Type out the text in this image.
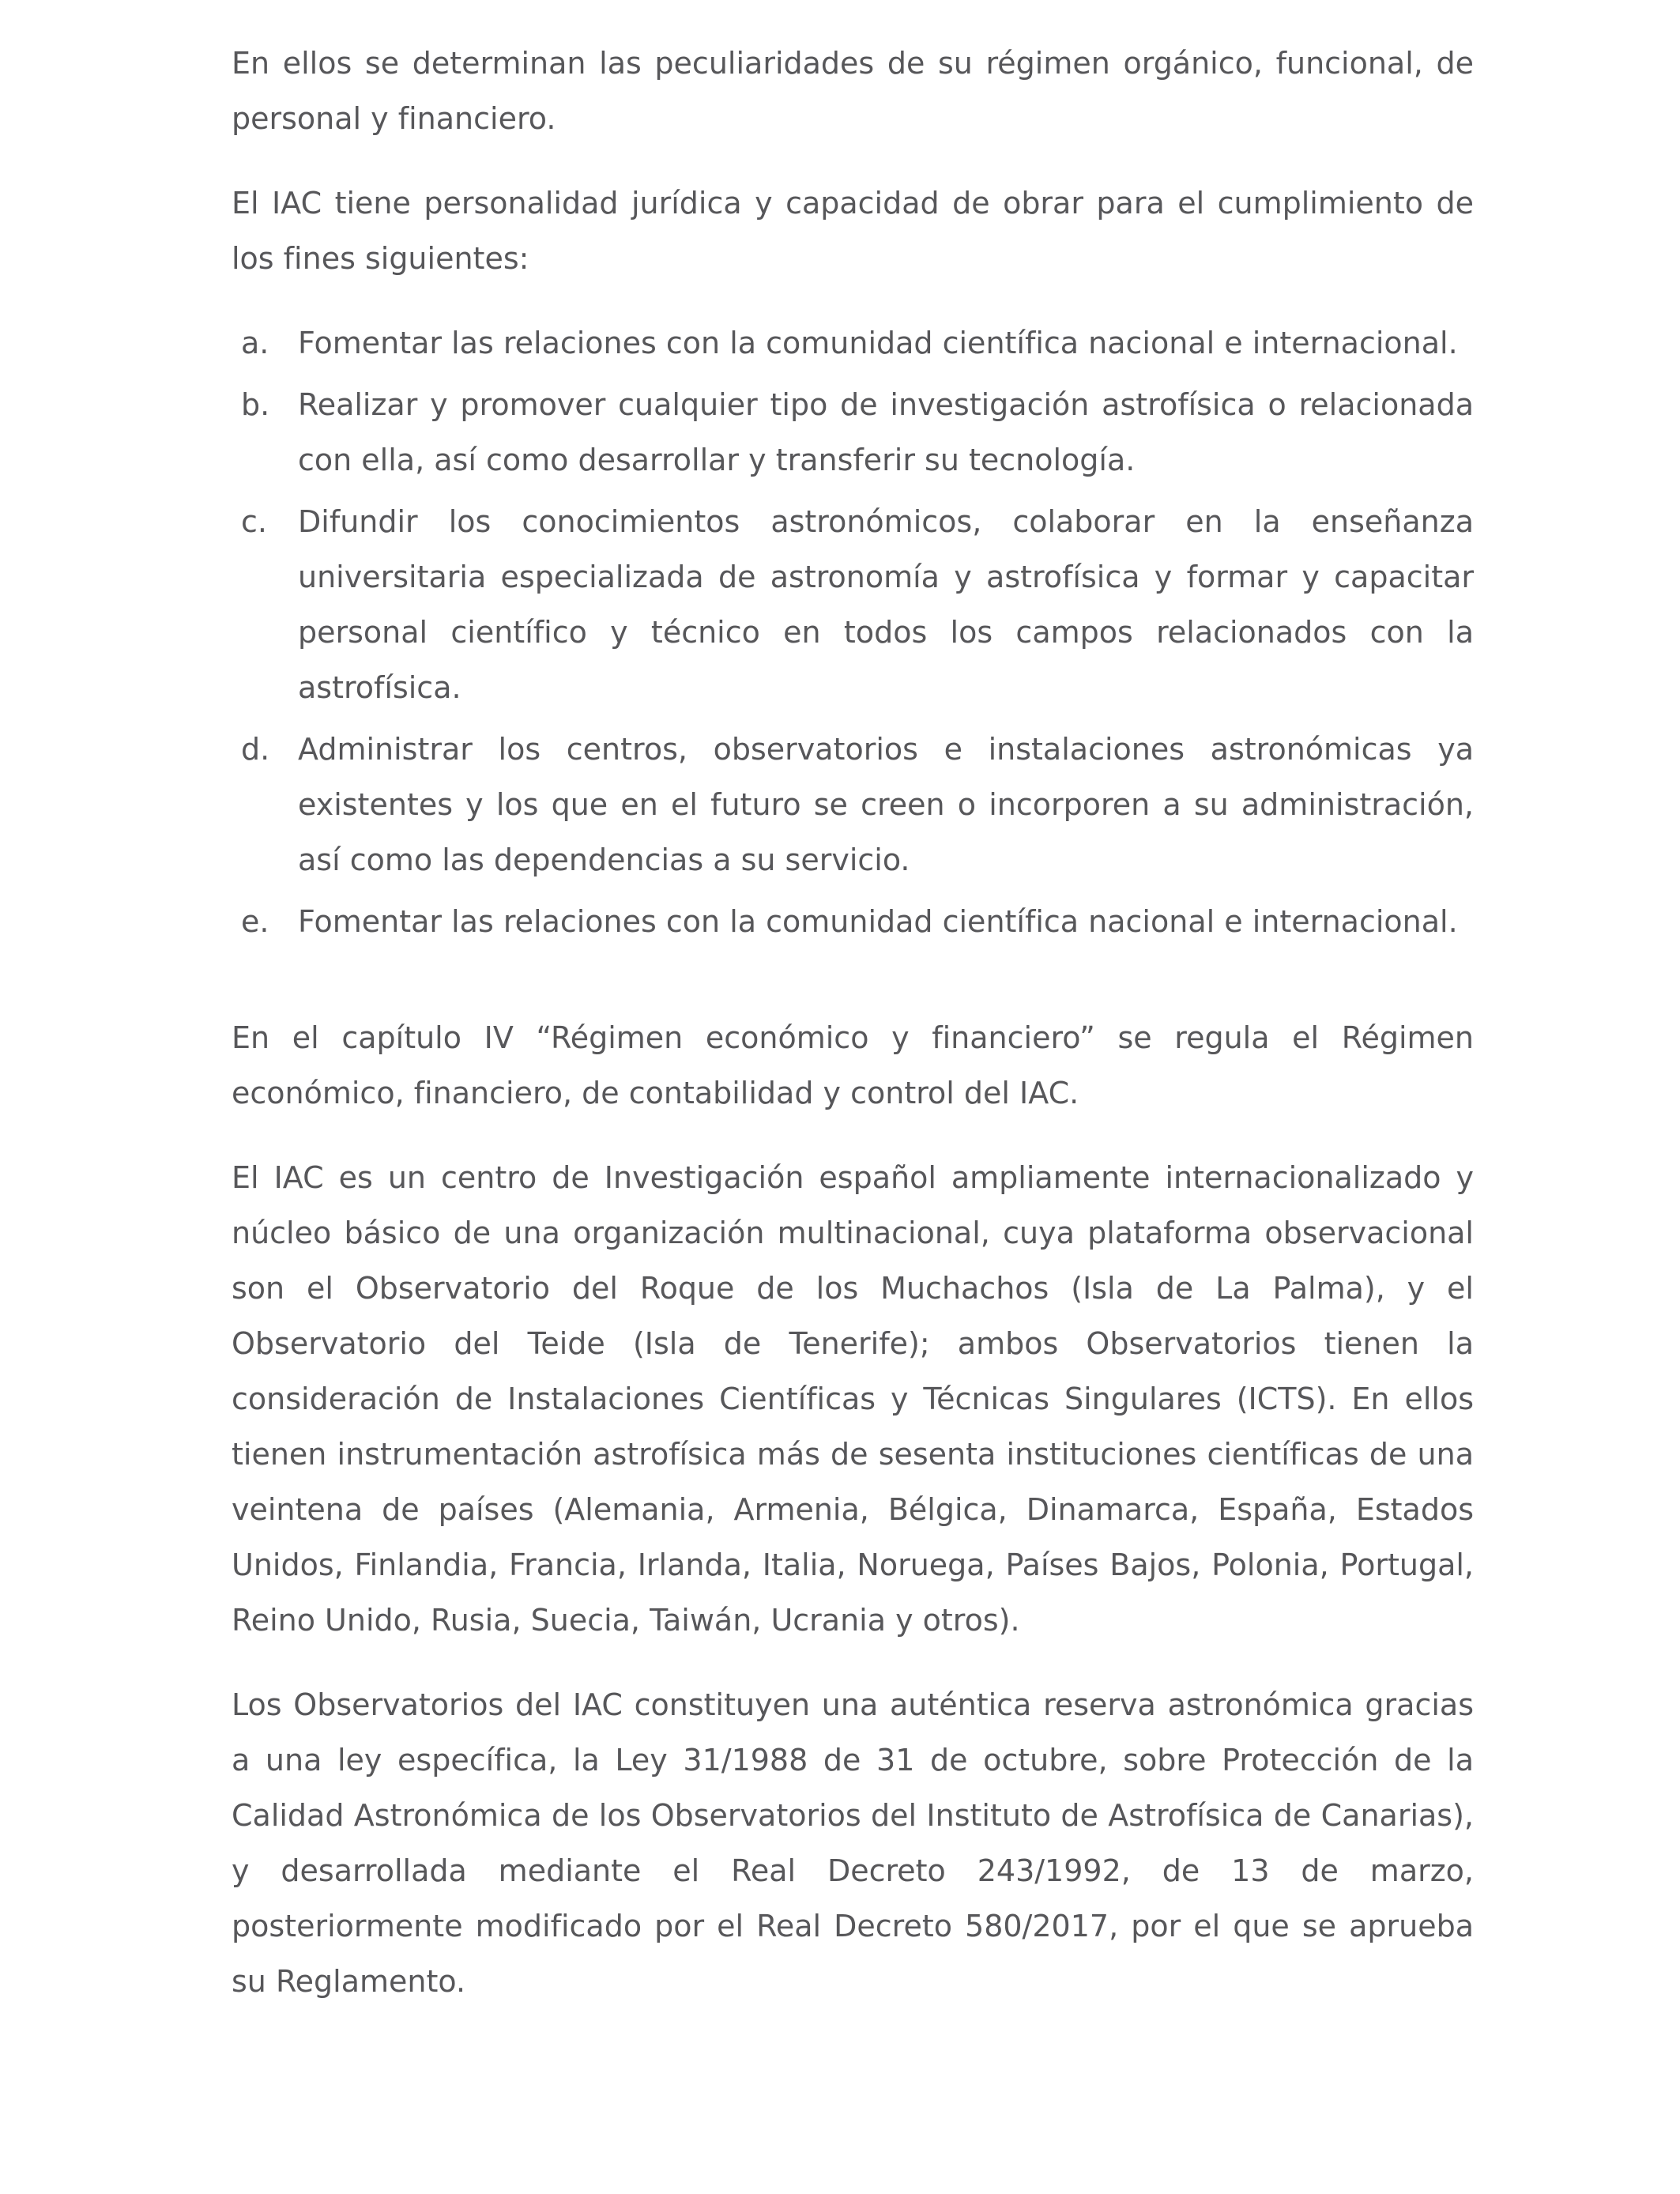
En ellos se determinan las peculiaridades de su régimen orgánico, funcional, de personal y financiero.

El IAC tiene personalidad jurídica y capacidad de obrar para el cumplimiento de los fines siguientes:

a. Fomentar las relaciones con la comunidad científica nacional e internacional.
b. Realizar y promover cualquier tipo de investigación astrofísica o relacionada con ella, así como desarrollar y transferir su tecnología.
c. Difundir los conocimientos astronómicos, colaborar en la enseñanza universitaria especializada de astronomía y astrofísica y formar y capacitar personal científico y técnico en todos los campos relacionados con la astrofísica.
d. Administrar los centros, observatorios e instalaciones astronómicas ya existentes y los que en el futuro se creen o incorporen a su administración, así como las dependencias a su servicio.
e. Fomentar las relaciones con la comunidad científica nacional e internacional.

En el capítulo IV “Régimen económico y financiero” se regula el Régimen económico, financiero, de contabilidad y control del IAC.

El IAC es un centro de Investigación español ampliamente internacionalizado y núcleo básico de una organización multinacional, cuya plataforma observacional son el Observatorio del Roque de los Muchachos (Isla de La Palma), y el Observatorio del Teide (Isla de Tenerife); ambos Observatorios tienen la consideración de Instalaciones Científicas y Técnicas Singulares (ICTS). En ellos tienen instrumentación astrofísica más de sesenta instituciones científicas de una veintena de países (Alemania, Armenia, Bélgica, Dinamarca, España, Estados Unidos, Finlandia, Francia, Irlanda, Italia, Noruega, Países Bajos, Polonia, Portugal, Reino Unido, Rusia, Suecia, Taiwán, Ucrania y otros).

Los Observatorios del IAC constituyen una auténtica reserva astronómica gracias a una ley específica, la Ley 31/1988 de 31 de octubre, sobre Protección de la Calidad Astronómica de los Observatorios del Instituto de Astrofísica de Canarias), y desarrollada mediante el Real Decreto 243/1992, de 13 de marzo, posteriormente modificado por el Real Decreto 580/2017, por el que se aprueba su Reglamento.
